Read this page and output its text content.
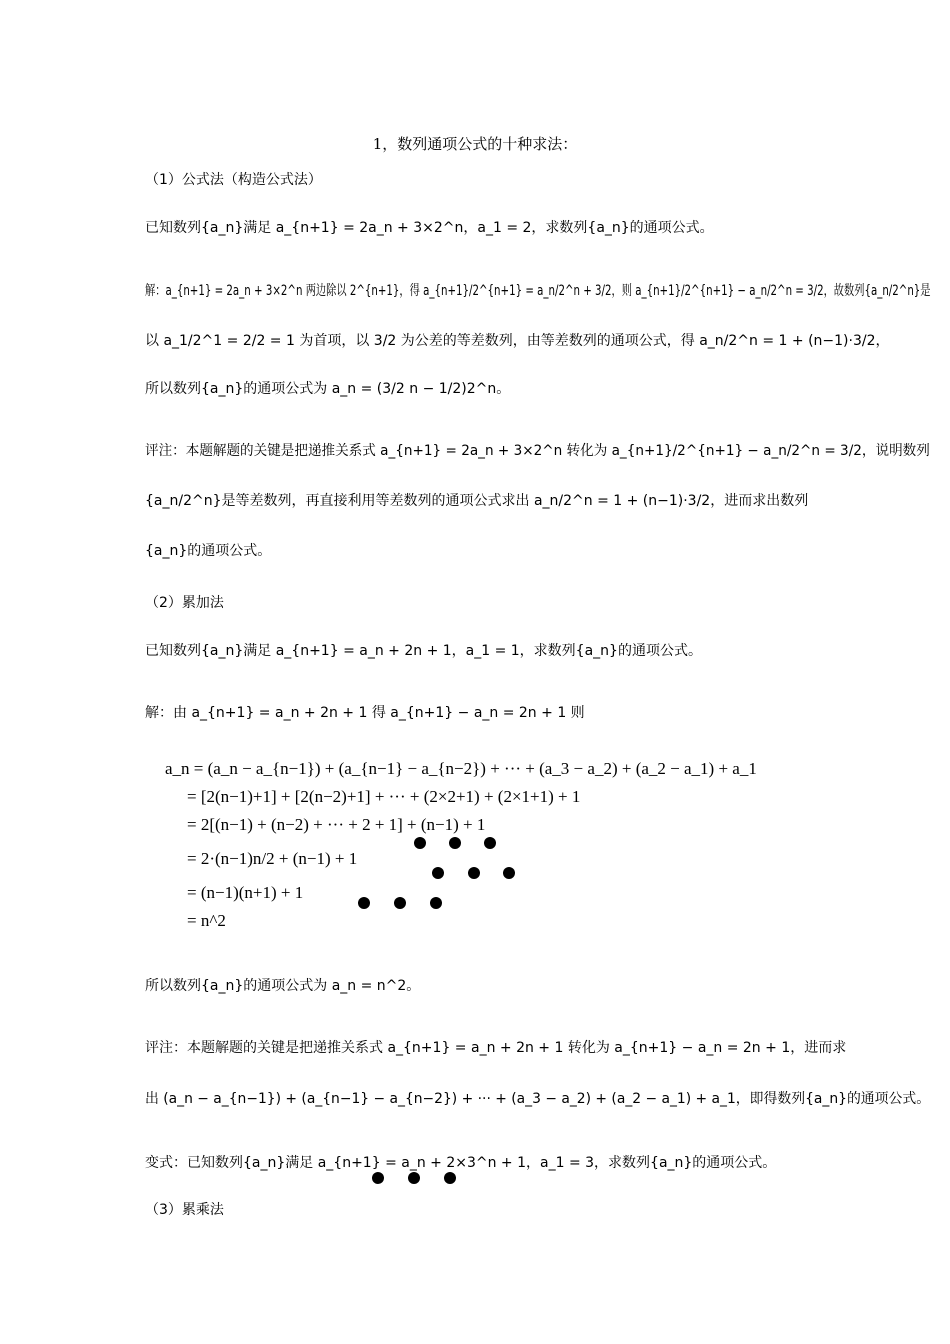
1，数列通项公式的十种求法：
（1）公式法（构造公式法）
已知数列{a_n}满足 a_{n+1} = 2a_n + 3×2^n，a_1 = 2，求数列{a_n}的通项公式。
解：a_{n+1} = 2a_n + 3×2^n 两边除以 2^{n+1}，得 a_{n+1}/2^{n+1} = a_n/2^n + 3/2，则 a_{n+1}/2^{n+1} − a_n/2^n = 3/2，故数列{a_n/2^n}是
以 a_1/2^1 = 2/2 = 1 为首项，以 3/2 为公差的等差数列，由等差数列的通项公式，得 a_n/2^n = 1 + (n−1)·3/2，
所以数列{a_n}的通项公式为 a_n = (3/2 n − 1/2)2^n。
评注：本题解题的关键是把递推关系式 a_{n+1} = 2a_n + 3×2^n 转化为 a_{n+1}/2^{n+1} − a_n/2^n = 3/2，说明数列
{a_n/2^n}是等差数列，再直接利用等差数列的通项公式求出 a_n/2^n = 1 + (n−1)·3/2，进而求出数列
{a_n}的通项公式。
（2）累加法
已知数列{a_n}满足 a_{n+1} = a_n + 2n + 1，a_1 = 1，求数列{a_n}的通项公式。
解：由 a_{n+1} = a_n + 2n + 1 得 a_{n+1} − a_n = 2n + 1 则
a_n = (a_n − a_{n−1}) + (a_{n−1} − a_{n−2}) + ··· + (a_3 − a_2) + (a_2 − a_1) + a_1
= [2(n−1)+1] + [2(n−2)+1] + ··· + (2×2+1) + (2×1+1) + 1
= 2[(n−1) + (n−2) + ··· + 2 + 1] + (n−1) + 1
= 2·(n−1)n/2 + (n−1) + 1
= (n−1)(n+1) + 1
= n^2
所以数列{a_n}的通项公式为 a_n = n^2。
评注：本题解题的关键是把递推关系式 a_{n+1} = a_n + 2n + 1 转化为 a_{n+1} − a_n = 2n + 1，进而求
出 (a_n − a_{n−1}) + (a_{n−1} − a_{n−2}) + ··· + (a_3 − a_2) + (a_2 − a_1) + a_1，即得数列{a_n}的通项公式。
变式：已知数列{a_n}满足 a_{n+1} = a_n + 2×3^n + 1，a_1 = 3，求数列{a_n}的通项公式。
（3）累乘法
